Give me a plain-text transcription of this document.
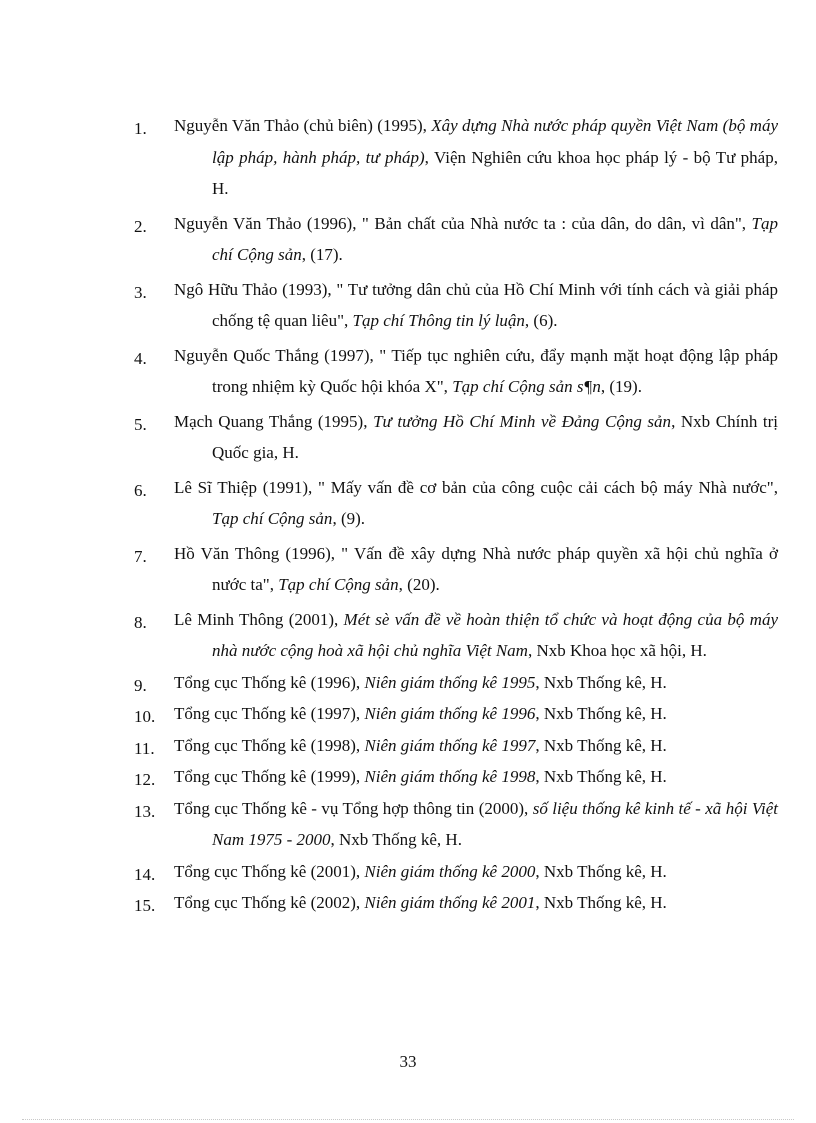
1.	Nguyễn Văn Thảo (chủ biên) (1995), Xây dựng Nhà nước pháp quyền Việt Nam (bộ máy lập pháp, hành pháp, tư pháp), Viện Nghiên cứu khoa học pháp lý - bộ Tư pháp, H.
2.	Nguyễn Văn Thảo (1996), " Bản chất của Nhà nước ta : của dân, do dân, vì dân", Tạp chí Cộng sản, (17).
3.	Ngô Hữu Thảo (1993), " Tư tưởng dân chủ của Hồ Chí Minh với tính cách và giải pháp chống tệ quan liêu", Tạp chí Thông tin lý luận, (6).
4.	Nguyễn Quốc Thắng (1997), " Tiếp tục nghiên cứu, đẩy mạnh mặt hoạt động lập pháp trong nhiệm kỳ Quốc hội khóa X", Tạp chí Cộng sản s¶n, (19).
5.	Mạch Quang Thắng (1995), Tư tưởng Hồ Chí Minh về Đảng Cộng sản, Nxb Chính trị Quốc gia, H.
6.	Lê Sĩ Thiệp (1991), " Mấy vấn đề cơ bản của công cuộc cải cách bộ máy Nhà nước", Tạp chí Cộng sản, (9).
7.	Hồ Văn Thông (1996), " Vấn đề xây dựng Nhà nước pháp quyền xã hội chủ nghĩa ở nước ta", Tạp chí Cộng sản, (20).
8.	Lê Minh Thông (2001), Mét sè vấn đề về hoàn thiện tổ chức và hoạt động của bộ máy nhà nước cộng hoà xã hội chủ nghĩa Việt Nam, Nxb Khoa học xã hội, H.
9.	Tổng cục Thống kê (1996), Niên giám thống kê 1995, Nxb Thống kê, H.
10.	Tổng cục Thống kê (1997), Niên giám thống kê 1996, Nxb Thống kê, H.
11.	Tổng cục Thống kê (1998), Niên giám thống kê 1997, Nxb Thống kê, H.
12.	Tổng cục Thống kê (1999), Niên giám thống kê 1998, Nxb Thống kê, H.
13.	Tổng cục Thống kê - vụ Tổng hợp thông tin (2000), số liệu thống kê kinh tế - xã hội Việt Nam 1975 - 2000, Nxb Thống kê, H.
14.	Tổng cục Thống kê (2001), Niên giám thống kê 2000, Nxb Thống kê, H.
15.	Tổng cục Thống kê (2002), Niên giám thống kê 2001, Nxb Thống kê, H.
33
